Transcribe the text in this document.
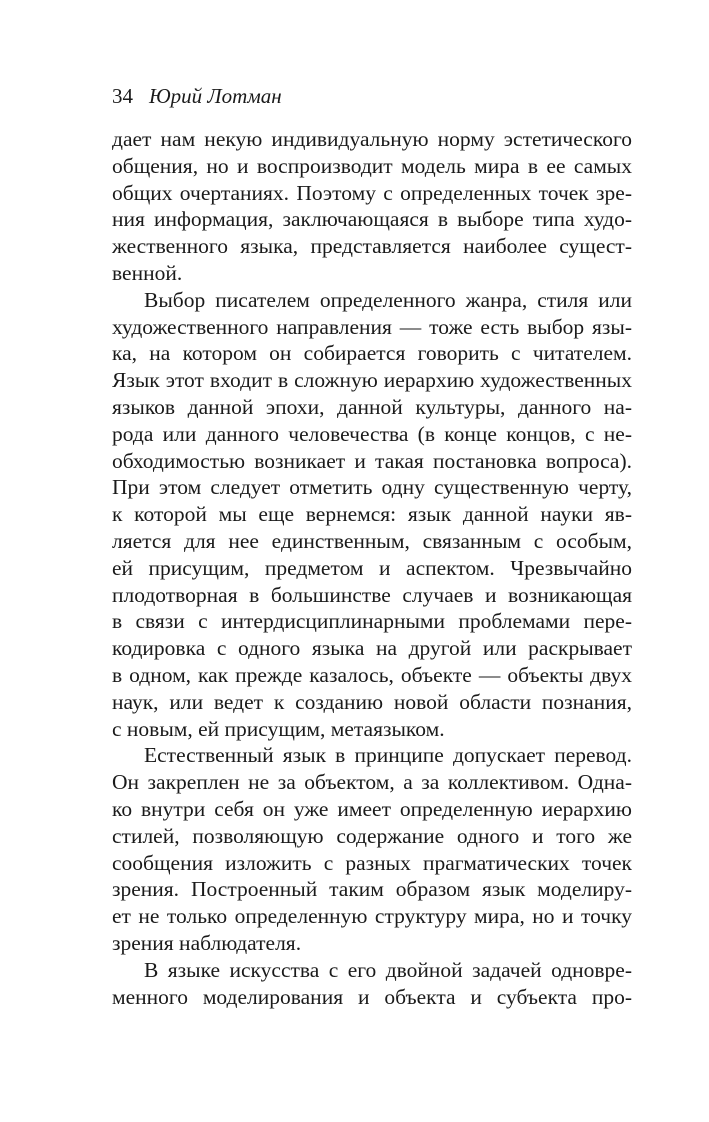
34 Юрий Лотман
дает нам некую индивидуальную норму эстетического
общения, но и воспроизводит модель мира в ее самых
общих очертаниях. Поэтому с определенных точек зре-
ния информация, заключающаяся в выборе типа худо-
жественного языка, представляется наиболее сущест-
венной.
Выбор писателем определенного жанра, стиля или
художественного направления — тоже есть выбор язы-
ка, на котором он собирается говорить с читателем.
Язык этот входит в сложную иерархию художественных
языков данной эпохи, данной культуры, данного на-
рода или данного человечества (в конце концов, с не-
обходимостью возникает и такая постановка вопроса).
При этом следует отметить одну существенную черту,
к которой мы еще вернемся: язык данной науки яв-
ляется для нее единственным, связанным с особым,
ей присущим, предметом и аспектом. Чрезвычайно
плодотворная в большинстве случаев и возникающая
в связи с интердисциплинарными проблемами пере-
кодировка с одного языка на другой или раскрывает
в одном, как прежде казалось, объекте — объекты двух
наук, или ведет к созданию новой области познания,
с новым, ей присущим, метаязыком.
Естественный язык в принципе допускает перевод.
Он закреплен не за объектом, а за коллективом. Одна-
ко внутри себя он уже имеет определенную иерархию
стилей, позволяющую содержание одного и того же
сообщения изложить с разных прагматических точек
зрения. Построенный таким образом язык моделиру-
ет не только определенную структуру мира, но и точку
зрения наблюдателя.
В языке искусства с его двойной задачей одновре-
менного моделирования и объекта и субъекта про-
